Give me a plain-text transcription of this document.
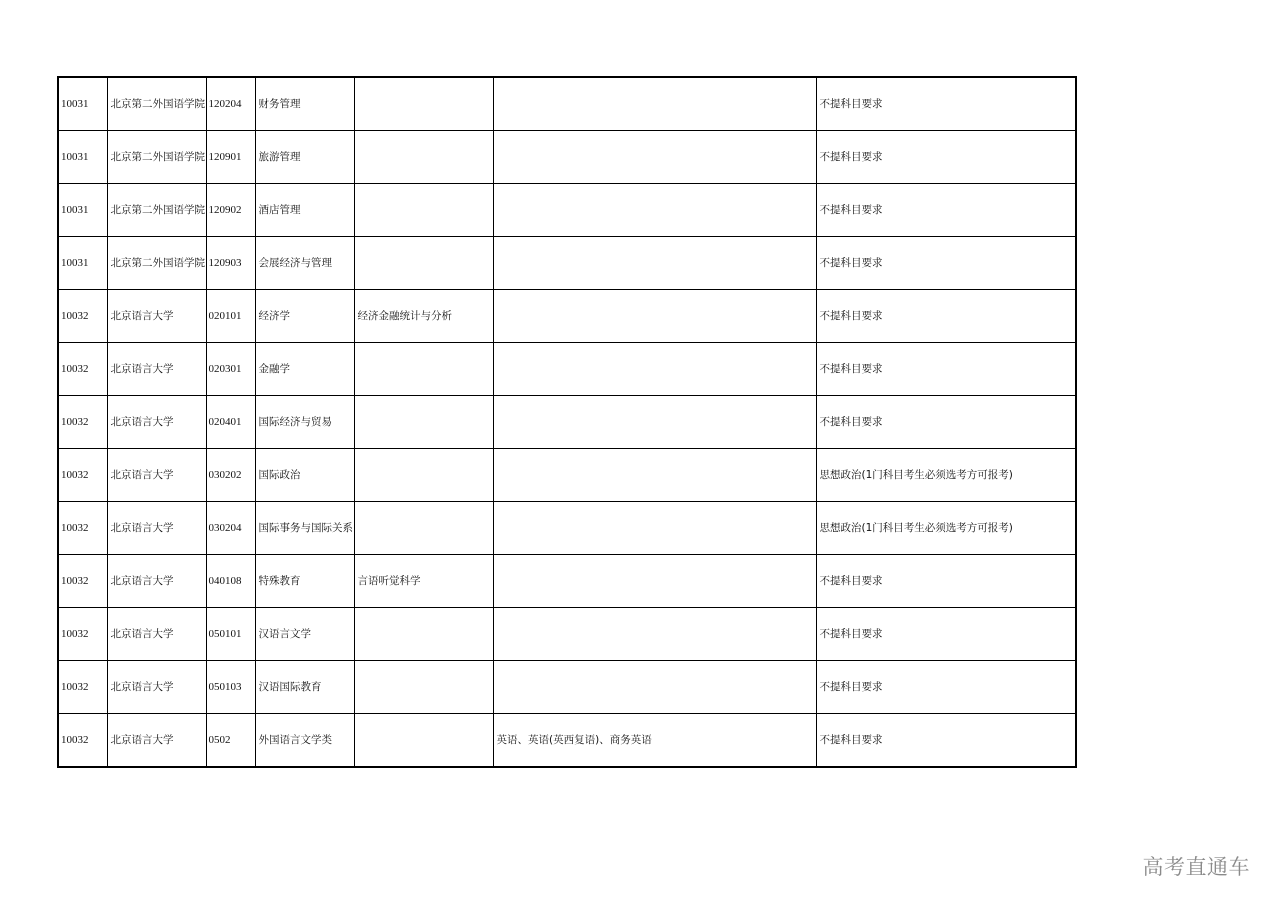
10031	北京第二外国语学院	120204	财务管理			不提科目要求
10031	北京第二外国语学院	120901	旅游管理			不提科目要求
10031	北京第二外国语学院	120902	酒店管理			不提科目要求
10031	北京第二外国语学院	120903	会展经济与管理			不提科目要求
10032	北京语言大学	020101	经济学	经济金融统计与分析		不提科目要求
10032	北京语言大学	020301	金融学			不提科目要求
10032	北京语言大学	020401	国际经济与贸易			不提科目要求
10032	北京语言大学	030202	国际政治			思想政治(1门科目考生必须选考方可报考)
10032	北京语言大学	030204	国际事务与国际关系			思想政治(1门科目考生必须选考方可报考)
10032	北京语言大学	040108	特殊教育	言语听觉科学		不提科目要求
10032	北京语言大学	050101	汉语言文学			不提科目要求
10032	北京语言大学	050103	汉语国际教育			不提科目要求
10032	北京语言大学	0502	外国语言文学类		英语、英语(英西复语)、商务英语	不提科目要求
高考直通车
